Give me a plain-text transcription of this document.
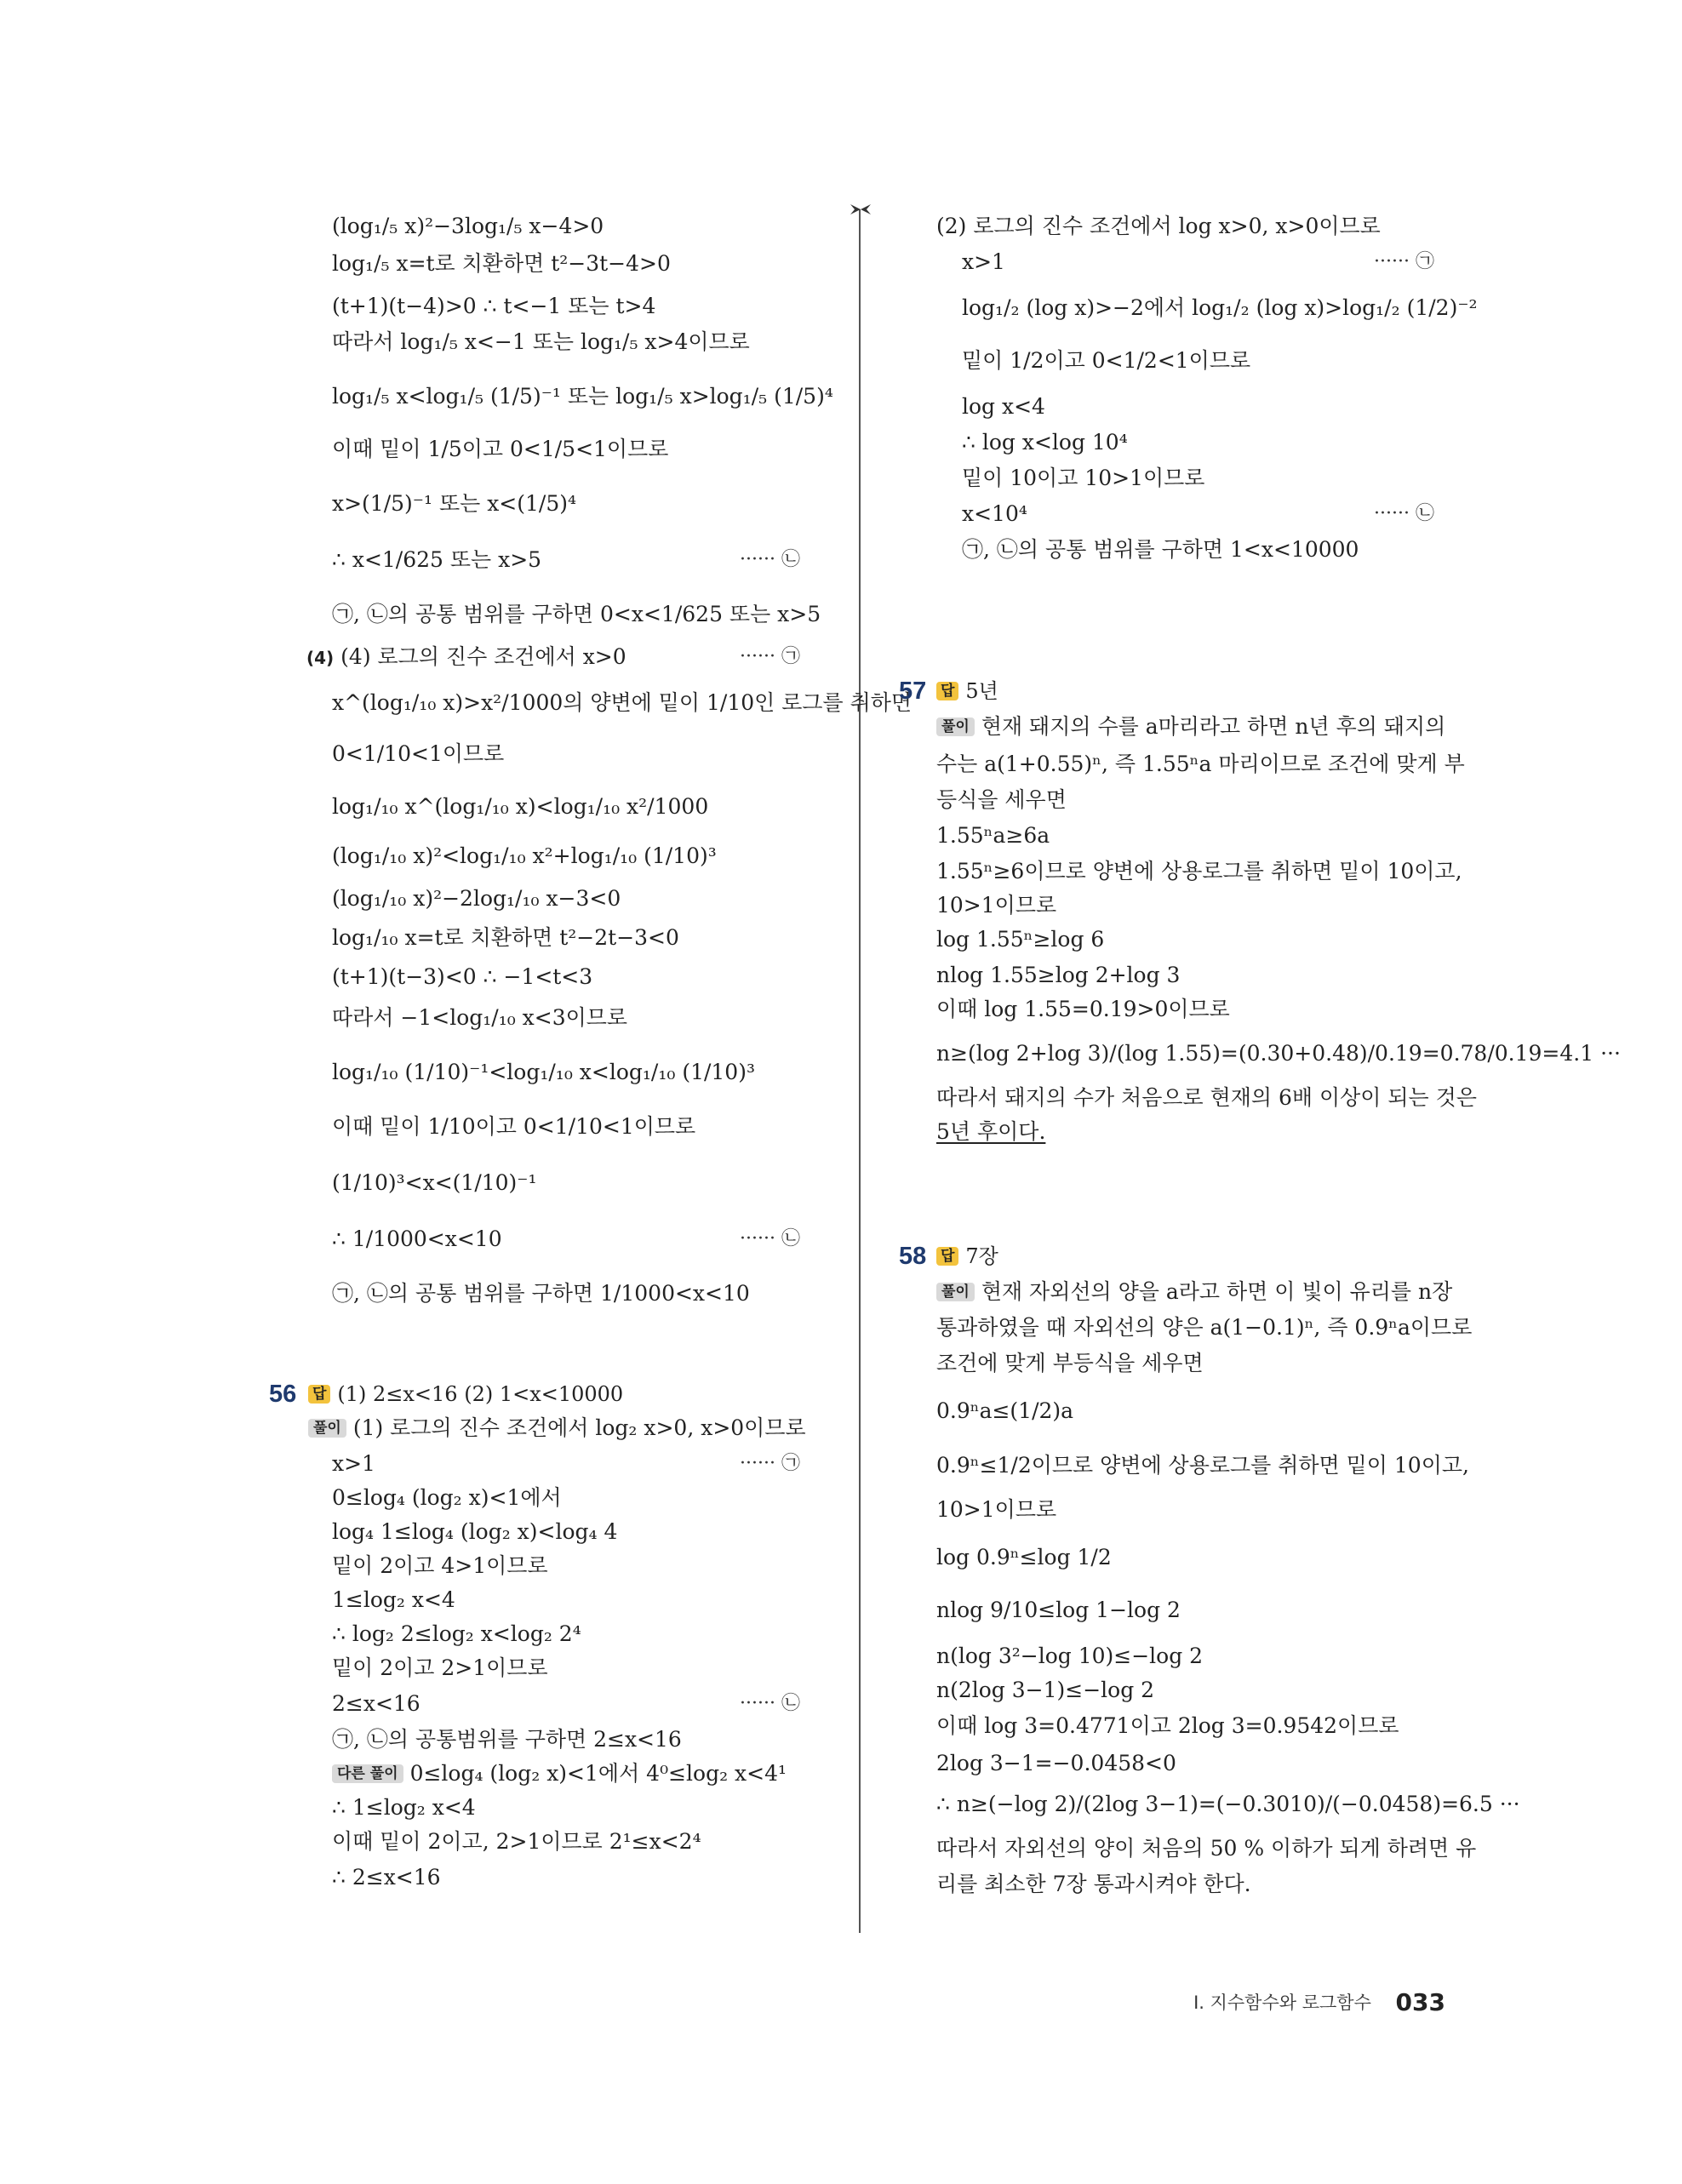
(log₁/₅ x)²−3log₁/₅ x−4>0
log₁/₅ x=t로 치환하면 t²−3t−4>0
(t+1)(t−4)>0 ∴ t<−1 또는 t>4
따라서 log₁/₅ x<−1 또는 log₁/₅ x>4이므로
log₁/₅ x<log₁/₅ (1/5)⁻¹ 또는 log₁/₅ x>log₁/₅ (1/5)⁴
이때 밑이 1/5이고 0<1/5<1이므로
x>(1/5)⁻¹ 또는 x<(1/5)⁴
∴ x<1/625 또는 x>5	······ ㉡
㉠, ㉡의 공통 범위를 구하면 0<x<1/625 또는 x>5
(4) (4) 로그의 진수 조건에서 x>0	······ ㉠
x^(log₁/₁₀ x)>x²/1000의 양변에 밑이 1/10인 로그를 취하면
0<1/10<1이므로
log₁/₁₀ x^(log₁/₁₀ x)<log₁/₁₀ x²/1000
(log₁/₁₀ x)²<log₁/₁₀ x²+log₁/₁₀ (1/10)³
(log₁/₁₀ x)²−2log₁/₁₀ x−3<0
log₁/₁₀ x=t로 치환하면 t²−2t−3<0
(t+1)(t−3)<0 ∴ −1<t<3
따라서 −1<log₁/₁₀ x<3이므로
log₁/₁₀ (1/10)⁻¹<log₁/₁₀ x<log₁/₁₀ (1/10)³
이때 밑이 1/10이고 0<1/10<1이므로
(1/10)³<x<(1/10)⁻¹
∴ 1/1000<x<10	······ ㉡
㉠, ㉡의 공통 범위를 구하면 1/1000<x<10
56 답 (1) 2≤x<16 (2) 1<x<10000
풀이 (1) 로그의 진수 조건에서 log₂ x>0, x>0이므로
x>1	······ ㉠
0≤log₄ (log₂ x)<1에서
log₄ 1≤log₄ (log₂ x)<log₄ 4
밑이 2이고 4>1이므로
1≤log₂ x<4
∴ log₂ 2≤log₂ x<log₂ 2⁴
밑이 2이고 2>1이므로
2≤x<16	······ ㉡
㉠, ㉡의 공통범위를 구하면 2≤x<16
다른 풀이 0≤log₄ (log₂ x)<1에서 4⁰≤log₂ x<4¹
∴ 1≤log₂ x<4
이때 밑이 2이고, 2>1이므로 2¹≤x<2⁴
∴ 2≤x<16
(2) 로그의 진수 조건에서 log x>0, x>0이므로
x>1	······ ㉠
log₁/₂ (log x)>−2에서 log₁/₂ (log x)>log₁/₂ (1/2)⁻²
밑이 1/2이고 0<1/2<1이므로
log x<4
∴ log x<log 10⁴
밑이 10이고 10>1이므로
x<10⁴	······ ㉡
㉠, ㉡의 공통 범위를 구하면 1<x<10000
57 답 5년
풀이 현재 돼지의 수를 a마리라고 하면 n년 후의 돼지의
수는 a(1+0.55)ⁿ, 즉 1.55ⁿa 마리이므로 조건에 맞게 부
등식을 세우면
1.55ⁿa≥6a
1.55ⁿ≥6이므로 양변에 상용로그를 취하면 밑이 10이고,
10>1이므로
log 1.55ⁿ≥log 6
nlog 1.55≥log 2+log 3
이때 log 1.55=0.19>0이므로
n≥(log 2+log 3)/(log 1.55)=(0.30+0.48)/0.19=0.78/0.19=4.1 ···
따라서 돼지의 수가 처음으로 현재의 6배 이상이 되는 것은
5년 후이다.
58 답 7장
풀이 현재 자외선의 양을 a라고 하면 이 빛이 유리를 n장
통과하였을 때 자외선의 양은 a(1−0.1)ⁿ, 즉 0.9ⁿa이므로
조건에 맞게 부등식을 세우면
0.9ⁿa≤(1/2)a
0.9ⁿ≤1/2이므로 양변에 상용로그를 취하면 밑이 10이고,
10>1이므로
log 0.9ⁿ≤log 1/2
nlog 9/10≤log 1−log 2
n(log 3²−log 10)≤−log 2
n(2log 3−1)≤−log 2
이때 log 3=0.4771이고 2log 3=0.9542이므로
2log 3−1=−0.0458<0
∴ n≥(−log 2)/(2log 3−1)=(−0.3010)/(−0.0458)=6.5 ···
따라서 자외선의 양이 처음의 50 % 이하가 되게 하려면 유
리를 최소한 7장 통과시켜야 한다.
Ⅰ. 지수함수와 로그함수 033
